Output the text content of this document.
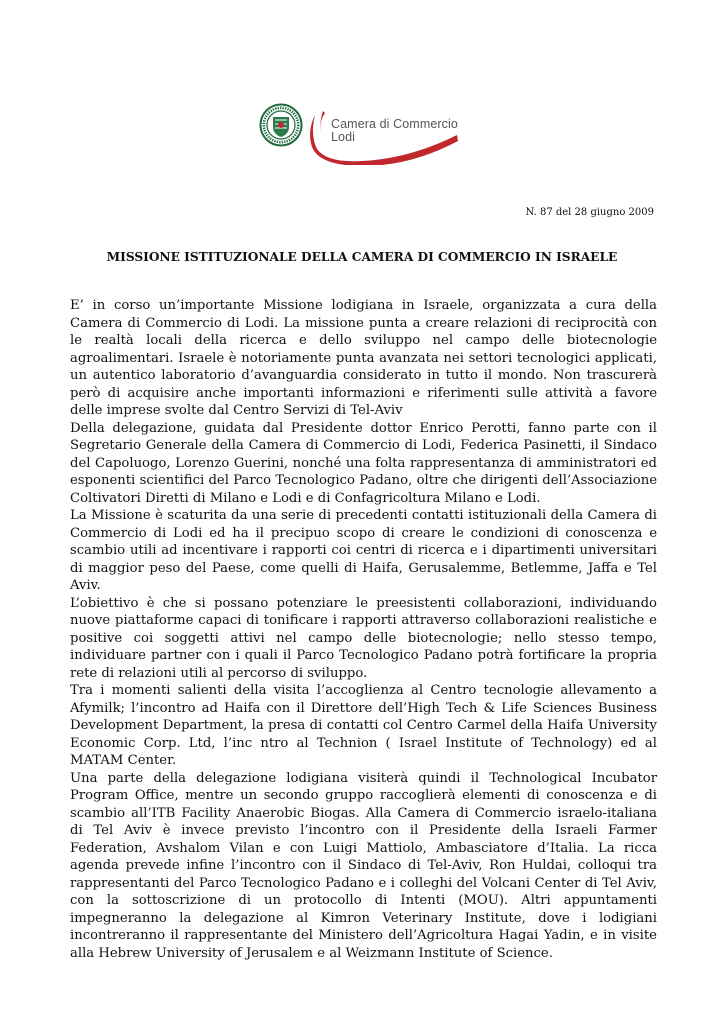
Camera di Commercio
Lodi
N. 87 del 28 giugno 2009
MISSIONE ISTITUZIONALE DELLA CAMERA DI COMMERCIO IN ISRAELE

E’ in corso un’importante Missione lodigiana in Israele, organizzata a cura della Camera di Commercio di Lodi. La missione punta a creare relazioni di reciprocità con le realtà locali della ricerca e dello sviluppo nel campo delle biotecnologie agroalimentari. Israele è notoriamente punta avanzata nei settori tecnologici applicati, un autentico laboratorio d’avanguardia considerato in tutto il mondo. Non trascurerà però di acquisire anche importanti informazioni e riferimenti sulle attività a favore delle imprese svolte dal Centro Servizi di Tel-Aviv

Della delegazione, guidata dal Presidente dottor Enrico Perotti, fanno parte con il Segretario Generale della Camera di Commercio di Lodi, Federica Pasinetti, il Sindaco del Capoluogo, Lorenzo Guerini, nonché una folta rappresentanza di amministratori ed esponenti scientifici del Parco Tecnologico Padano, oltre che dirigenti dell’Associazione Coltivatori Diretti di Milano e Lodi e di Confagricoltura Milano e Lodi.

La Missione è scaturita da una serie di precedenti contatti istituzionali della Camera di Commercio di Lodi ed ha il precipuo scopo di creare le condizioni di conoscenza e scambio utili ad incentivare i rapporti coi centri di ricerca e i dipartimenti universitari di maggior peso del Paese, come quelli di Haifa, Gerusalemme, Betlemme, Jaffa e Tel Aviv.

L’obiettivo è che si possano potenziare le preesistenti collaborazioni, individuando nuove piattaforme capaci di tonificare i rapporti attraverso collaborazioni realistiche e positive coi soggetti attivi nel campo delle biotecnologie; nello stesso tempo, individuare partner con i quali il Parco Tecnologico Padano potrà fortificare la propria rete di relazioni utili al percorso di sviluppo.

Tra i momenti salienti della visita l’accoglienza al Centro tecnologie allevamento a Afymilk; l’incontro ad Haifa con il Direttore dell’High Tech & Life Sciences Business Development Department, la presa di contatti col Centro Carmel della Haifa University Economic Corp. Ltd, l’inc ntro al Technion ( Israel Institute of Technology) ed al MATAM Center.

Una parte della delegazione lodigiana visiterà quindi il Technological Incubator Program Office, mentre un secondo gruppo raccoglierà elementi di conoscenza e di scambio all’ITB Facility Anaerobic Biogas. Alla Camera di Commercio israelo-italiana di Tel Aviv è invece previsto l’incontro con il Presidente della Israeli Farmer Federation, Avshalom Vilan e con Luigi Mattiolo, Ambasciatore d’Italia. La ricca agenda prevede infine l’incontro con il Sindaco di Tel-Aviv, Ron Huldai, colloqui tra rappresentanti del Parco Tecnologico Padano e i colleghi del Volcani Center di Tel Aviv, con la sottoscrizione di un protocollo di Intenti (MOU). Altri appuntamenti impegneranno la delegazione al Kimron Veterinary Institute, dove i lodigiani incontreranno il rappresentante del Ministero dell’Agricoltura Hagai Yadin, e in visite alla Hebrew University of Jerusalem e al Weizmann Institute of Science.
